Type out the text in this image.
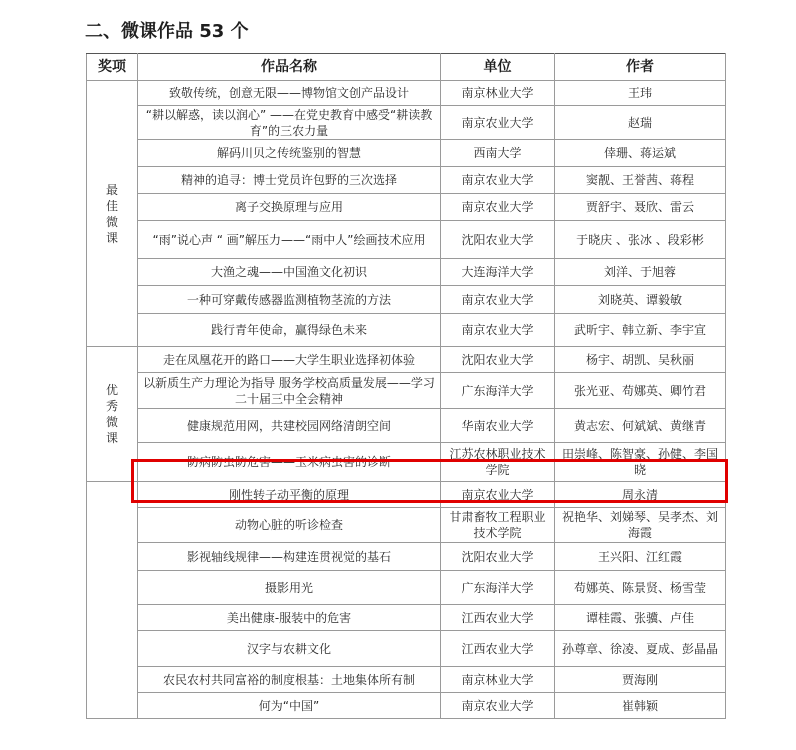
二、微课作品 53 个
奖项	作品名称	单位	作者
最佳微课	致敬传统，创意无限——博物馆文创产品设计	南京林业大学	王玮
	“耕以解惑，读以润心” ——在党史教育中感受“耕读教育”的三农力量	南京农业大学	赵瑞
	解码川贝之传统鉴别的智慧	西南大学	倖珊、蒋运斌
	精神的追寻：博士党员许包野的三次选择	南京农业大学	窦靓、王誉茜、蒋程
	离子交换原理与应用	南京农业大学	贾舒宇、聂欣、雷云
	“雨”说心声 “ 画”解压力——“雨中人”绘画技术应用	沈阳农业大学	于晓庆 、张冰 、段彩彬
	大渔之魂——中国渔文化初识	大连海洋大学	刘洋、于旭蓉
	一种可穿戴传感器监测植物茎流的方法	南京农业大学	刘晓英、谭毅敏
	践行青年使命，赢得绿色未来	南京农业大学	武昕宇、韩立新、李宇宣
优秀微课	走在凤凰花开的路口——大学生职业选择初体验	沈阳农业大学	杨宇、胡凯、吴秋丽
	以新质生产力理论为指导 服务学校高质量发展——学习二十届三中全会精神	广东海洋大学	张光亚、苟娜英、卿竹君
	健康规范用网，共建校园网络清朗空间	华南农业大学	黄志宏、何斌斌、黄继青
	防病防虫防危害——玉米病虫害的诊断	江苏农林职业技术学院	田崇峰、陈智豪、孙健、李国晓
	刚性转子动平衡的原理	南京农业大学	周永清
	动物心脏的听诊检查	甘肃畜牧工程职业技术学院	祝艳华、刘娣琴、吴孝杰、刘海霞
	影视轴线规律——构建连贯视觉的基石	沈阳农业大学	王兴阳、江红霞
	摄影用光	广东海洋大学	苟娜英、陈景贤、杨雪莹
	美出健康-服装中的危害	江西农业大学	谭桂霞、张骥、卢佳
	汉字与农耕文化	江西农业大学	孙尊章、徐凌、夏成、彭晶晶
	农民农村共同富裕的制度根基：土地集体所有制	南京林业大学	贾海刚
	何为“中国”	南京农业大学	崔韩颖
